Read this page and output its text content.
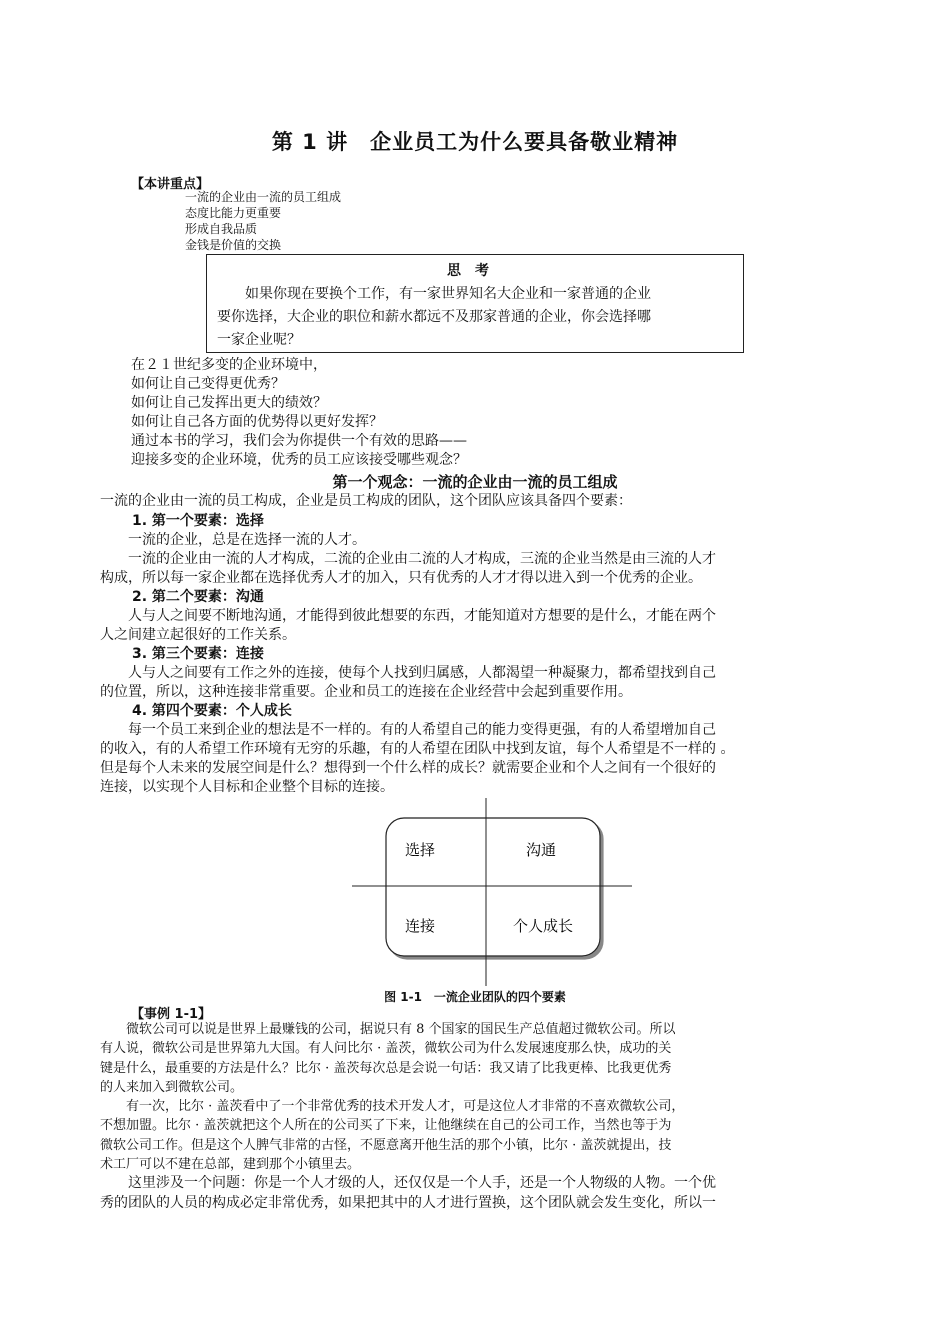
第 1 讲　企业员工为什么要具备敬业精神
【本讲重点】
一流的企业由一流的员工组成
态度比能力更重要
形成自我品质
金钱是价值的交换
思考
如果你现在要换个工作，有一家世界知名大企业和一家普通的企业
要你选择，大企业的职位和薪水都远不及那家普通的企业，你会选择哪
一家企业呢？
在２１世纪多变的企业环境中，
如何让自己变得更优秀？
如何让自己发挥出更大的绩效？
如何让自己各方面的优势得以更好发挥？
通过本书的学习，我们会为你提供一个有效的思路——
迎接多变的企业环境，优秀的员工应该接受哪些观念？
第一个观念：一流的企业由一流的员工组成
一流的企业由一流的员工构成，企业是员工构成的团队，这个团队应该具备四个要素：
1. 第一个要素：选择
　　一流的企业，总是在选择一流的人才。
　　一流的企业由一流的人才构成，二流的企业由二流的人才构成，三流的企业当然是由三流的人才
构成，所以每一家企业都在选择优秀人才的加入，只有优秀的人才才得以进入到一个优秀的企业。
2. 第二个要素：沟通
　　人与人之间要不断地沟通，才能得到彼此想要的东西，才能知道对方想要的是什么，才能在两个
人之间建立起很好的工作关系。
3. 第三个要素：连接
　　人与人之间要有工作之外的连接，使每个人找到归属感，人都渴望一种凝聚力，都希望找到自己
的位置，所以，这种连接非常重要。企业和员工的连接在企业经营中会起到重要作用。
4. 第四个要素：个人成长
　　每一个员工来到企业的想法是不一样的。有的人希望自己的能力变得更强，有的人希望增加自己
的收入，有的人希望工作环境有无穷的乐趣，有的人希望在团队中找到友谊，每个人希望是不一样的 。
但是每个人未来的发展空间是什么？想得到一个什么样的成长？就需要企业和个人之间有一个很好的
连接，以实现个人目标和企业整个目标的连接。
选择	沟通
连接	个人成长
图 1-1　一流企业团队的四个要素
【事例 1-1】
　　微软公司可以说是世界上最赚钱的公司，据说只有 8 个国家的国民生产总值超过微软公司。所以
有人说，微软公司是世界第九大国。有人问比尔 · 盖茨，微软公司为什么发展速度那么快，成功的关
键是什么，最重要的方法是什么？比尔 · 盖茨每次总是会说一句话：我又请了比我更棒、比我更优秀
的人来加入到微软公司。
　　有一次，比尔 · 盖茨看中了一个非常优秀的技术开发人才，可是这位人才非常的不喜欢微软公司，
不想加盟。比尔 · 盖茨就把这个人所在的公司买了下来，让他继续在自己的公司工作，当然也等于为
微软公司工作。但是这个人脾气非常的古怪，不愿意离开他生活的那个小镇，比尔 · 盖茨就提出，技
术工厂可以不建在总部，建到那个小镇里去。
　　这里涉及一个问题：你是一个人才级的人，还仅仅是一个人手，还是一个人物级的人物。一个优
秀的团队的人员的构成必定非常优秀，如果把其中的人才进行置换，这个团队就会发生变化，所以一
